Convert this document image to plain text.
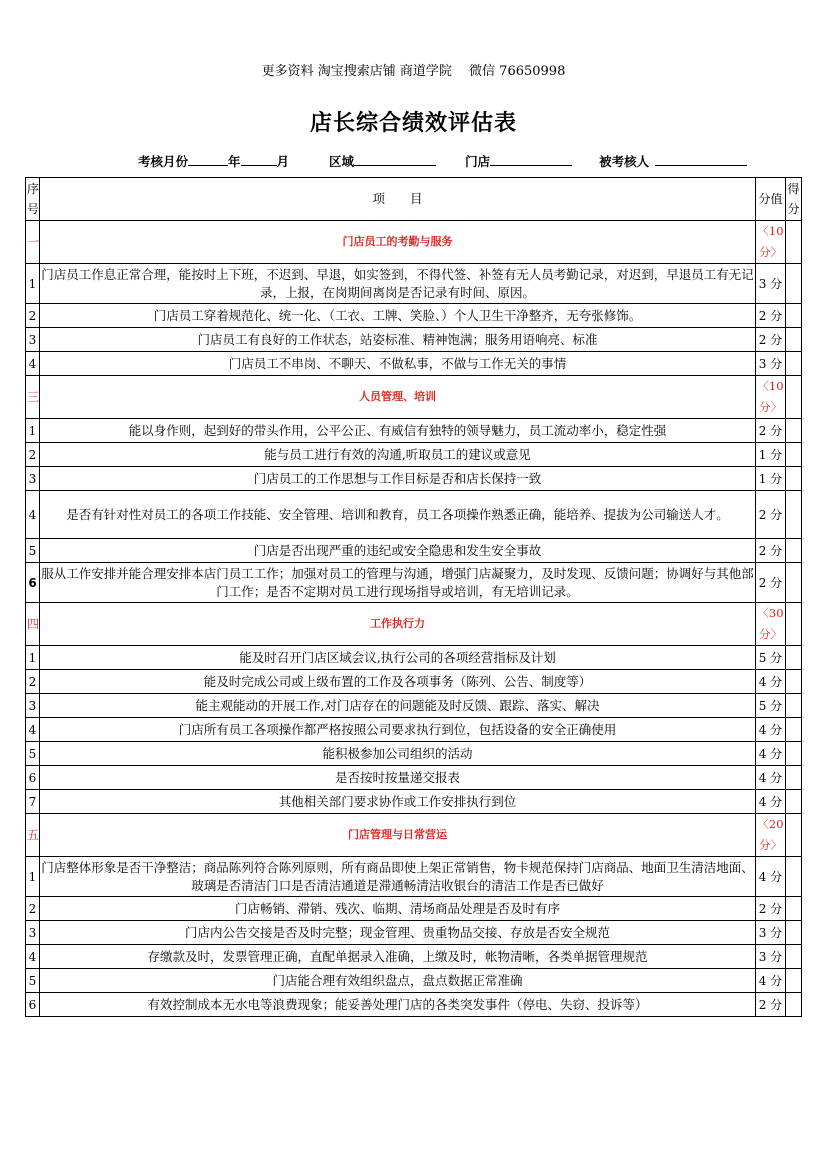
更多资料 淘宝搜索店铺 商道学院　 微信 76650998
店长综合绩效评估表
考核月份	年	月	区域	门店	被考核人
序号	项　　目	分值	得分
一	门店员工的考勤与服务	〈10分〉	
1	门店员工作息正常合理，能按时上下班，不迟到、早退，如实签到，不得代签、补签有无人员考勤记录，对迟到，早退员工有无记录，上报，在岗期间离岗是否记录有时间、原因。	3 分	
2	门店员工穿着规范化、统一化、（工衣、工牌、笑脸、）个人卫生干净整齐，无夸张修饰。	2 分	
3	门店员工有良好的工作状态，站姿标准、精神饱满；服务用语响亮、标准	2 分	
4	门店员工不串岗、不聊天、不做私事，不做与工作无关的事情	3 分	
三	人员管理、培训	〈10分〉	
1	能以身作则，起到好的带头作用，公平公正、有威信有独特的领导魅力，员工流动率小，稳定性强	2 分	
2	能与员工进行有效的沟通,听取员工的建议或意见	1 分	
3	门店员工的工作思想与工作目标是否和店长保持一致	1 分	
4	是否有针对性对员工的各项工作技能、安全管理、培训和教育，员工各项操作熟悉正确，能培养、提拔为公司输送人才。	2 分	
5	门店是否出现严重的违纪或安全隐患和发生安全事故	2 分	
6	服从工作安排并能合理安排本店门员工工作；加强对员工的管理与沟通，增强门店凝聚力，及时发现、反馈问题；协调好与其他部门工作；是否不定期对员工进行现场指导或培训，有无培训记录。	2 分	
四	工作执行力	〈30分〉	
1	能及时召开门店区域会议,执行公司的各项经营指标及计划	5 分	
2	能及时完成公司或上级布置的工作及各项事务（陈列、公告、制度等）	4 分	
3	能主观能动的开展工作,对门店存在的问题能及时反馈、跟踪、落实、解决	5 分	
4	门店所有员工各项操作都严格按照公司要求执行到位，包括设备的安全正确使用	4 分	
5	能积极参加公司组织的活动	4 分	
6	是否按时按量递交报表	4 分	
7	其他相关部门要求协作或工作安排执行到位	4 分	
五	门店管理与日常营运	〈20分〉	
1	门店整体形象是否干净整洁；商品陈列符合陈列原则，所有商品即使上架正常销售，物卡规范保持门店商品、地面卫生清洁地面、玻璃是否清洁门口是否清洁通道是滞通畅清洁收银台的清洁工作是否已做好	4 分	
2	门店畅销、滞销、残次、临期、清场商品处理是否及时有序	2 分	
3	门店内公告交接是否及时完整；现金管理、贵重物品交接、存放是否安全规范	3 分	
4	存缴款及时，发票管理正确，直配单据录入准确，上缴及时，帐物清晰，各类单据管理规范	3 分	
5	门店能合理有效组织盘点，盘点数据正常准确	4 分	
6	有效控制成本无水电等浪费现象；能妥善处理门店的各类突发事件（停电、失窃、投诉等）	2 分	
